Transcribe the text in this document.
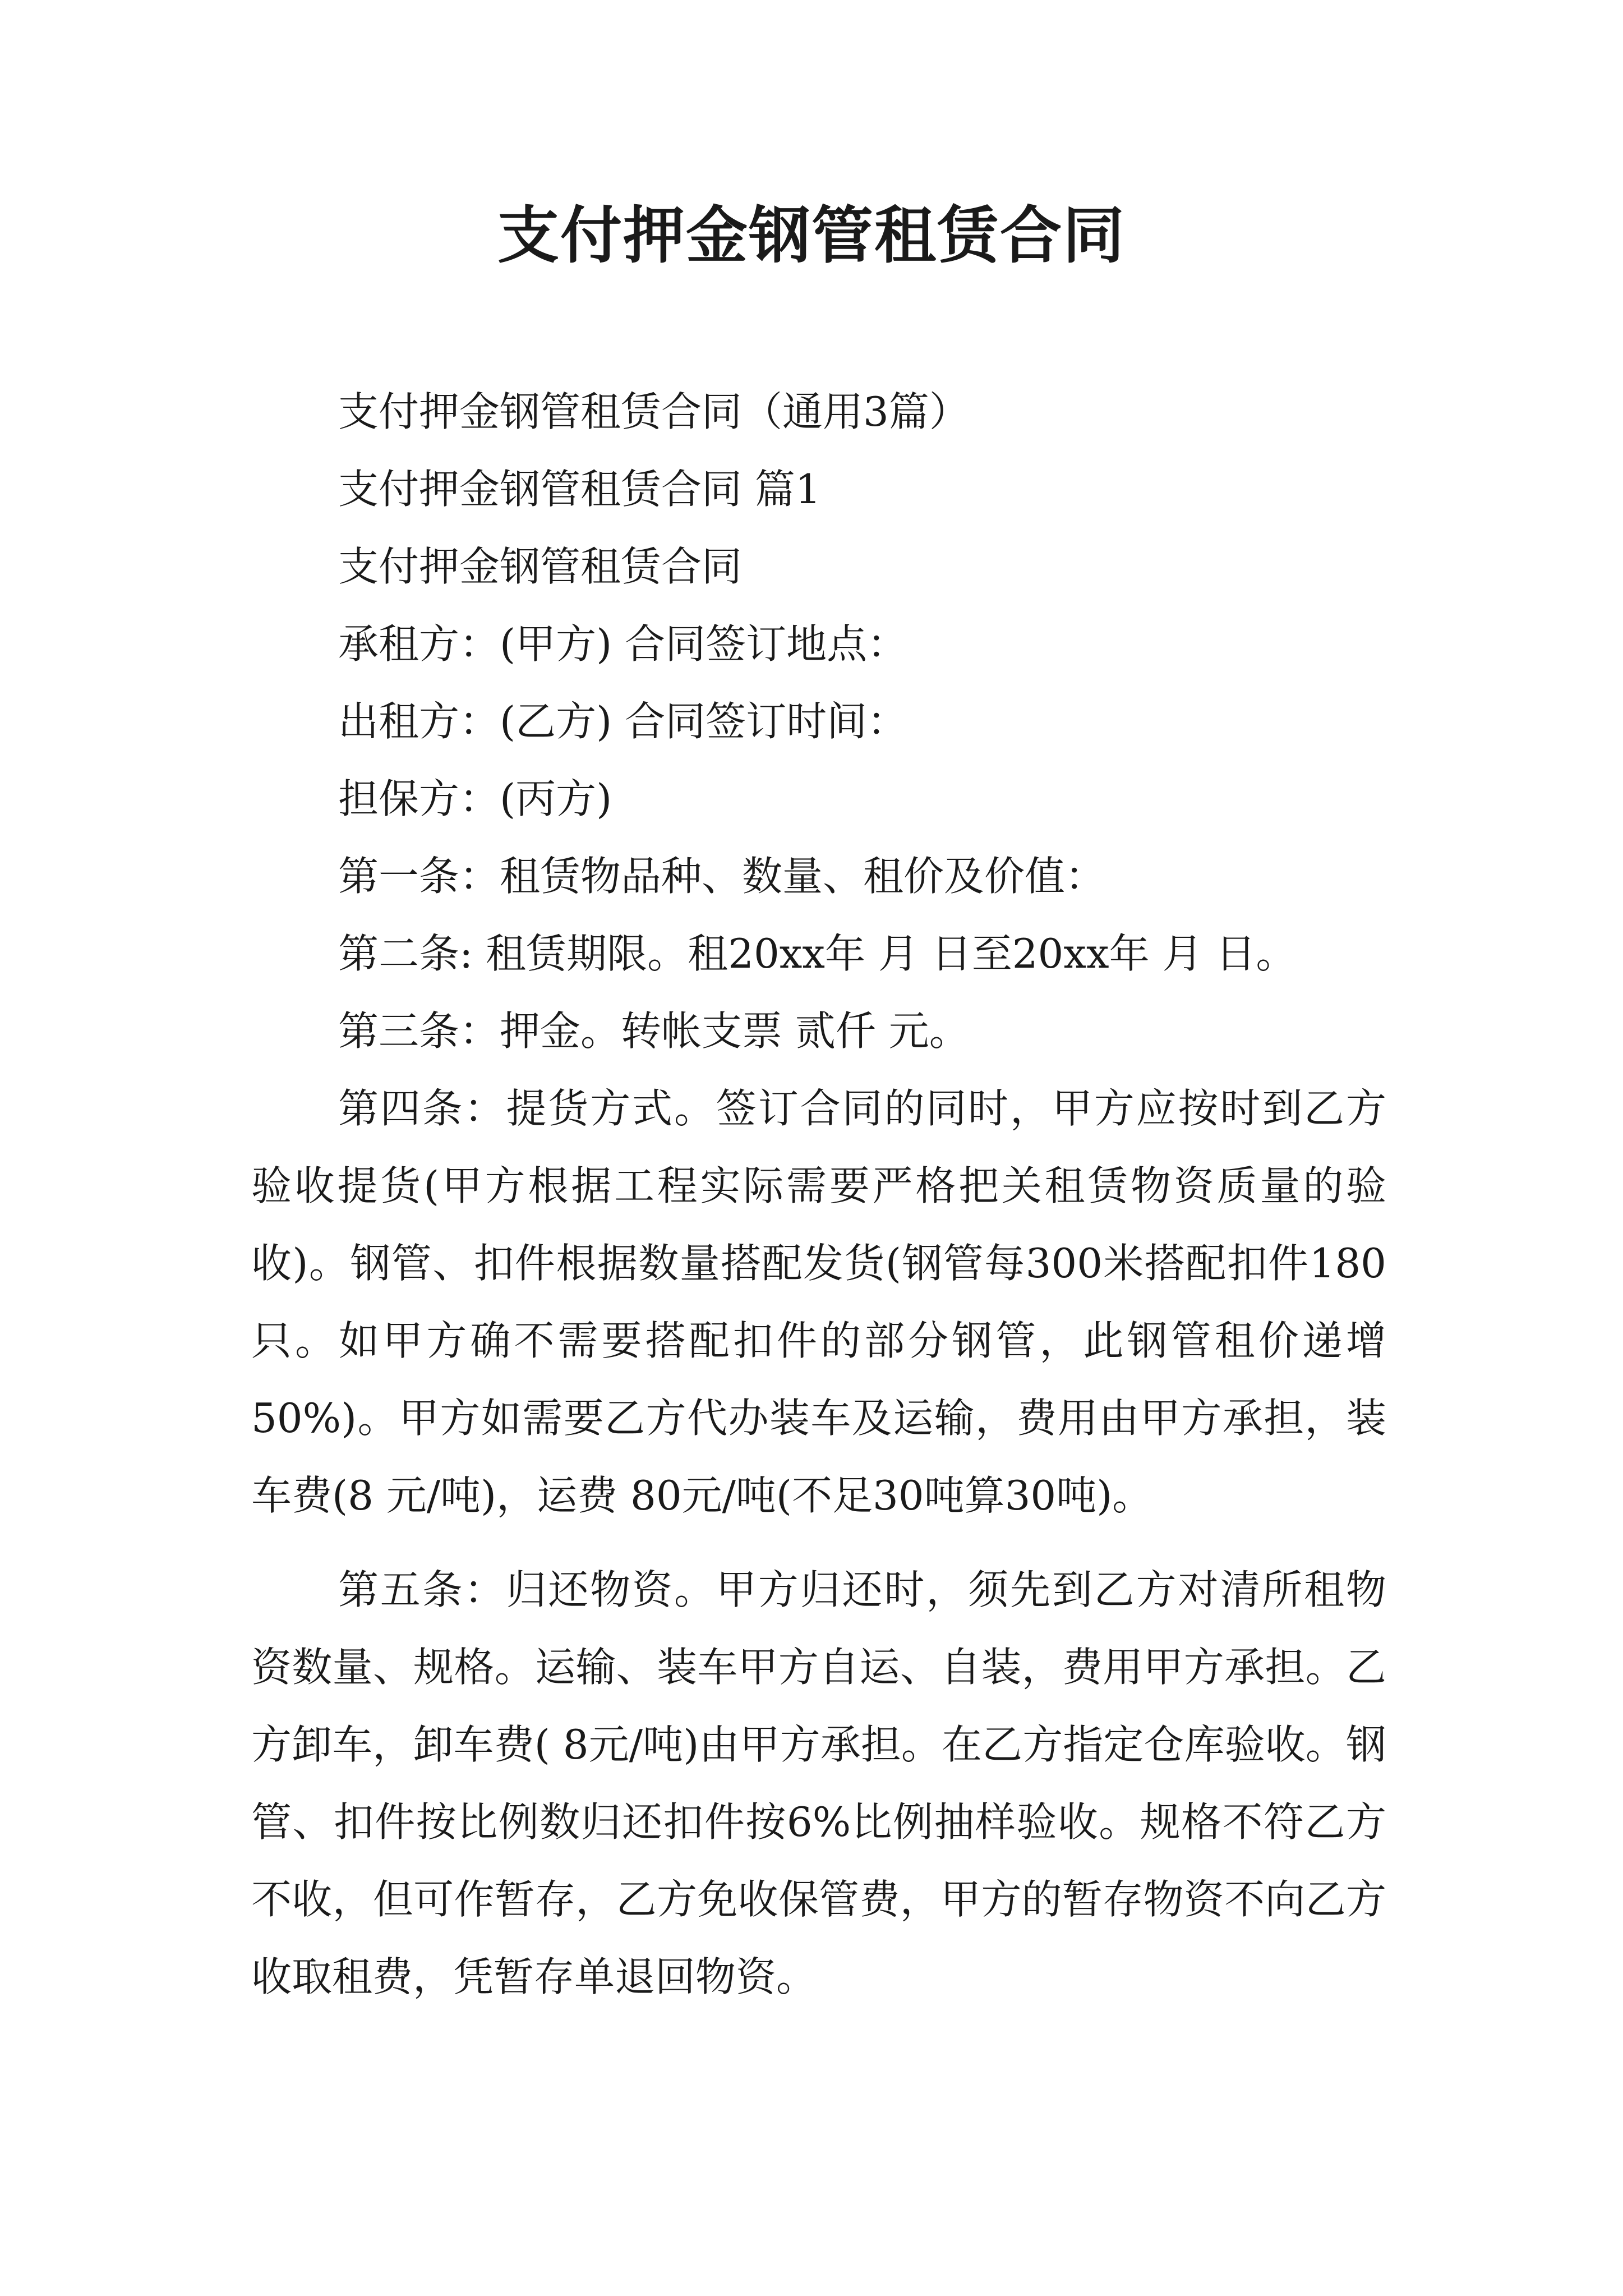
支付押金钢管租赁合同
支付押金钢管租赁合同（通用3篇）
支付押金钢管租赁合同 篇1
支付押金钢管租赁合同
承租方：(甲方) 合同签订地点：
出租方：(乙方) 合同签订时间：
担保方：(丙方)
第一条：租赁物品种、数量、租价及价值：
第二条: 租赁期限。租20xx年 月 日至20xx年 月 日。
第三条：押金。转帐支票 贰仟 元。

第四条：提货方式。签订合同的同时，甲方应按时到乙方验收提货(甲方根据工程实际需要严格把关租赁物资质量的验收)。钢管、扣件根据数量搭配发货(钢管每300米搭配扣件180只。如甲方确不需要搭配扣件的部分钢管，此钢管租价递增50%)。甲方如需要乙方代办装车及运输，费用由甲方承担，装车费(8 元/吨)，运费 80元/吨(不足30吨算30吨)。

第五条：归还物资。甲方归还时，须先到乙方对清所租物资数量、规格。运输、装车甲方自运、自装，费用甲方承担。乙方卸车，卸车费( 8元/吨)由甲方承担。在乙方指定仓库验收。钢管、扣件按比例数归还扣件按6%比例抽样验收。规格不符乙方不收，但可作暂存，乙方免收保管费，甲方的暂存物资不向乙方收取租费，凭暂存单退回物资。
